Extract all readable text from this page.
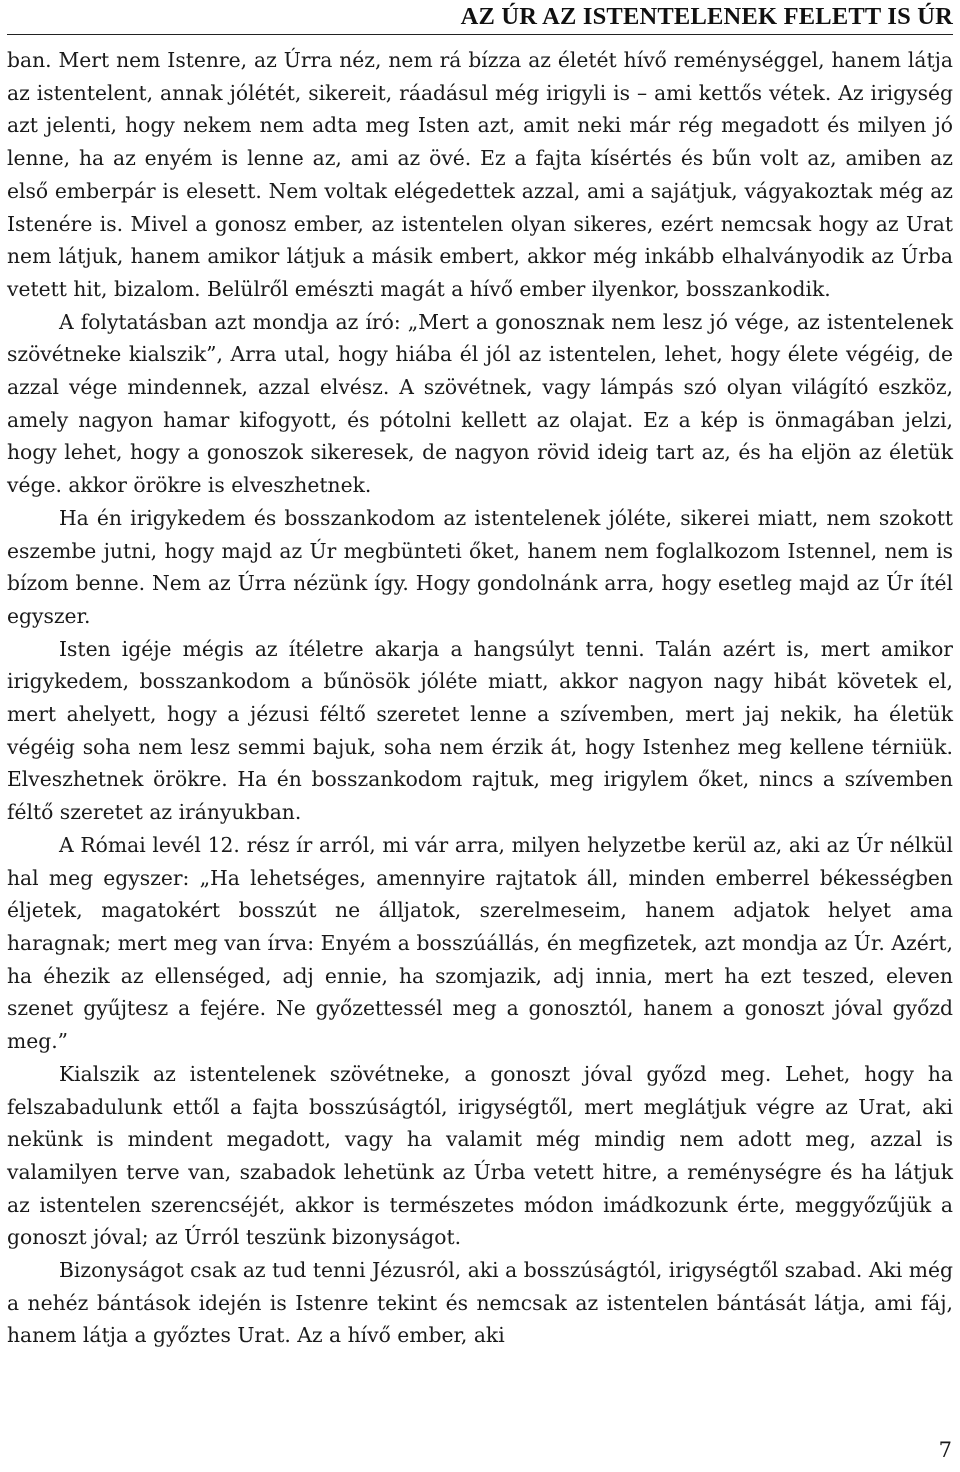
AZ ÚR AZ ISTENTELENEK FELETT IS ÚR

ban. Mert nem Istenre, az Úrra néz, nem rá bízza az életét hívő reménységgel, hanem látja az istentelent, annak jólétét, sikereit, ráadásul még irigyli is – ami kettős vétek. Az irigység azt jelenti, hogy nekem nem adta meg Isten azt, amit neki már rég megadott és milyen jó lenne, ha az enyém is lenne az, ami az övé. Ez a fajta kísértés és bűn volt az, amiben az első emberpár is elesett. Nem voltak elégedettek azzal, ami a sajátjuk, vágyakoztak még az Istenére is. Mivel a gonosz ember, az istentelen olyan sikeres, ezért nemcsak hogy az Urat nem látjuk, hanem amikor látjuk a másik embert, akkor még inkább elhalványodik az Úrba vetett hit, bizalom. Belülről emészti magát a hívő ember ilyenkor, bosszankodik.

A folytatásban azt mondja az író: „Mert a gonosznak nem lesz jó vége, az istentelenek szövétneke kialszik”, Arra utal, hogy hiába él jól az istentelen, lehet, hogy élete végéig, de azzal vége mindennek, azzal elvész. A szövétnek, vagy lámpás szó olyan világító eszköz, amely nagyon hamar kifogyott, és pótolni kellett az olajat. Ez a kép is önmagában jelzi, hogy lehet, hogy a gonoszok sikeresek, de nagyon rövid ideig tart az, és ha eljön az életük vége. akkor örökre is elveszhetnek.

Ha én irigykedem és bosszankodom az istentelenek jóléte, sikerei miatt, nem szokott eszembe jutni, hogy majd az Úr megbünteti őket, hanem nem foglalkozom Istennel, nem is bízom benne. Nem az Úrra nézünk így. Hogy gondolnánk arra, hogy esetleg majd az Úr ítél egyszer.

Isten igéje mégis az ítéletre akarja a hangsúlyt tenni. Talán azért is, mert amikor irigykedem, bosszankodom a bűnösök jóléte miatt, akkor nagyon nagy hibát követek el, mert ahelyett, hogy a jézusi féltő szeretet lenne a szívemben, mert jaj nekik, ha életük végéig soha nem lesz semmi bajuk, soha nem érzik át, hogy Istenhez meg kellene térniük. Elveszhetnek örökre. Ha én bosszankodom rajtuk, meg irigylem őket, nincs a szívemben féltő szeretet az irányukban.

A Római levél 12. rész ír arról, mi vár arra, milyen helyzetbe kerül az, aki az Úr nélkül hal meg egyszer: „Ha lehetséges, amennyire rajtatok áll, minden emberrel békességben éljetek, magatokért bosszút ne álljatok, szerelmeseim, hanem adjatok helyet ama haragnak; mert meg van írva: Enyém a bosszúállás, én megfizetek, azt mondja az Úr. Azért, ha éhezik az ellenséged, adj ennie, ha szomjazik, adj innia, mert ha ezt teszed, eleven szenet gyűjtesz a fejére. Ne győzettessél meg a gonosztól, hanem a gonoszt jóval győzd meg.”

Kialszik az istentelenek szövétneke, a gonoszt jóval győzd meg. Lehet, hogy ha felszabadulunk ettől a fajta bosszúságtól, irigységtől, mert meglátjuk végre az Urat, aki nekünk is mindent megadott, vagy ha valamit még mindig nem adott meg, azzal is valamilyen terve van, szabadok lehetünk az Úrba vetett hitre, a reménységre és ha látjuk az istentelen szerencséjét, akkor is természetes módon imádkozunk érte, meggyőzűjük a gonoszt jóval; az Úrról teszünk bizonyságot.

Bizonyságot csak az tud tenni Jézusról, aki a bosszúságtól, irigységtől szabad. Aki még a nehéz bántások idején is Istenre tekint és nemcsak az istentelen bántását látja, ami fáj, hanem látja a győztes Urat. Az a hívő ember, aki

7
